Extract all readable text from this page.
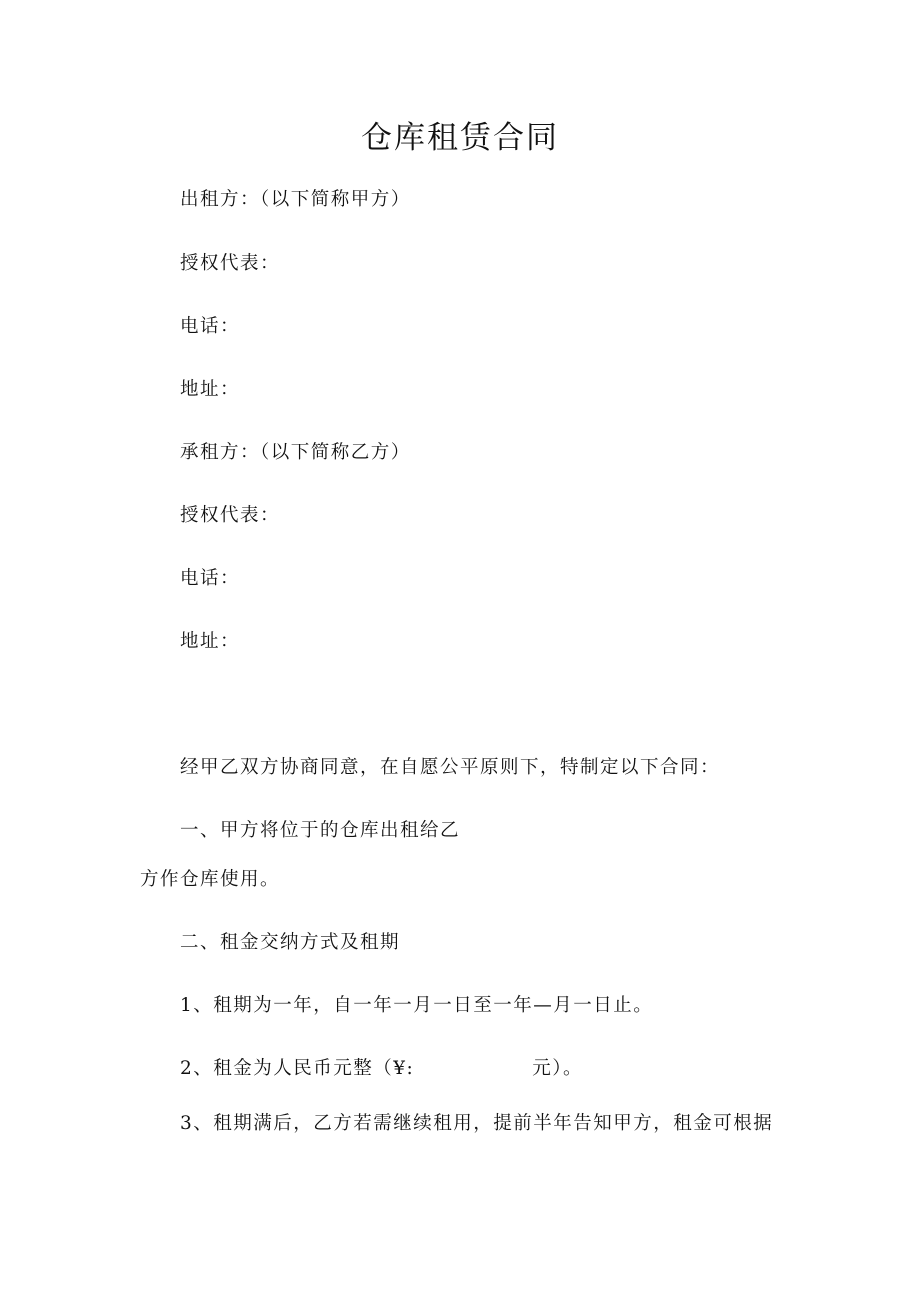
仓库租赁合同

出租方：（以下简称甲方）

授权代表：

电话：

地址：

承租方：（以下简称乙方）

授权代表：

电话：

地址：

经甲乙双方协商同意，在自愿公平原则下，特制定以下合同：

一、甲方将位于的仓库出租给乙

方作仓库使用。

二、租金交纳方式及租期

1、租期为一年，自一年一月一日至一年—月一日止。

2、租金为人民币元整（¥:	元）。

3、租期满后，乙方若需继续租用，提前半年告知甲方，租金可根据
